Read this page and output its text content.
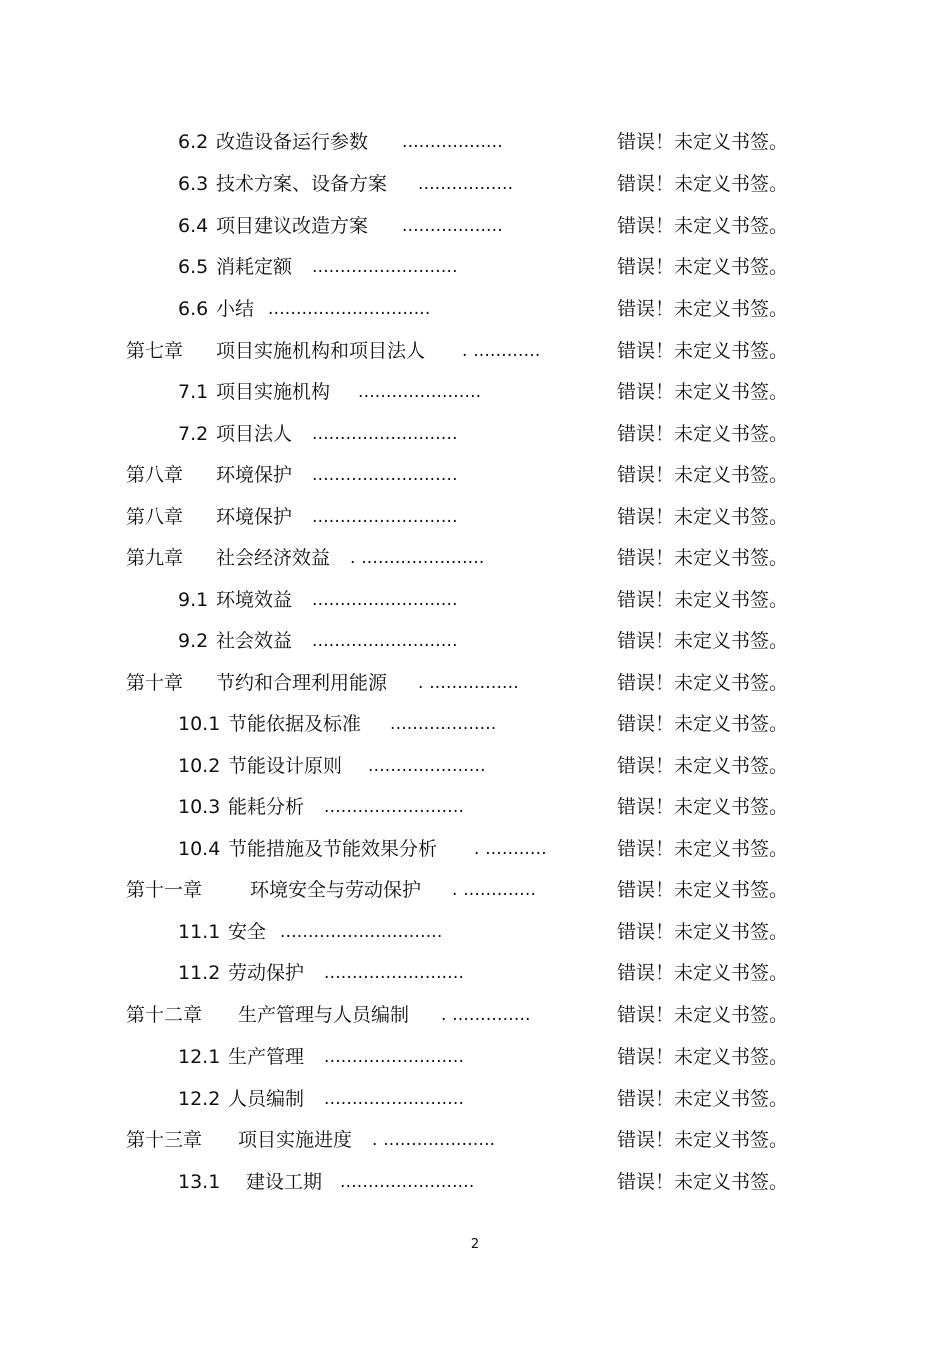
6.2 改造设备运行参数 ..................	错误！未定义书签。
6.3 技术方案、设备方案 .................	错误！未定义书签。
6.4 项目建议改造方案 ..................	错误！未定义书签。
6.5 消耗定额 ..........................	错误！未定义书签。
6.6 小结 .............................	错误！未定义书签。
第七章 项目实施机构和项目法人 . ............	错误！未定义书签。
7.1 项目实施机构 ......................	错误！未定义书签。
7.2 项目法人 ..........................	错误！未定义书签。
第八章 环境保护 ..........................	错误！未定义书签。
第八章 环境保护 ..........................	错误！未定义书签。
第九章 社会经济效益 . ......................	错误！未定义书签。
9.1 环境效益 ..........................	错误！未定义书签。
9.2 社会效益 ..........................	错误！未定义书签。
第十章 节约和合理利用能源 . ................	错误！未定义书签。
10.1 节能依据及标准 ...................	错误！未定义书签。
10.2 节能设计原则 .....................	错误！未定义书签。
10.3 能耗分析 .........................	错误！未定义书签。
10.4 节能措施及节能效果分析 . ...........	错误！未定义书签。
第十一章	环境安全与劳动保护 . .............	错误！未定义书签。
11.1 安全 .............................	错误！未定义书签。
11.2 劳动保护 .........................	错误！未定义书签。
第十二章 生产管理与人员编制 . ..............	错误！未定义书签。
12.1 生产管理 .........................	错误！未定义书签。
12.2 人员编制 .........................	错误！未定义书签。
第十三章 项目实施进度 . ....................	错误！未定义书签。
13.1 建设工期 ........................	错误！未定义书签。
2
